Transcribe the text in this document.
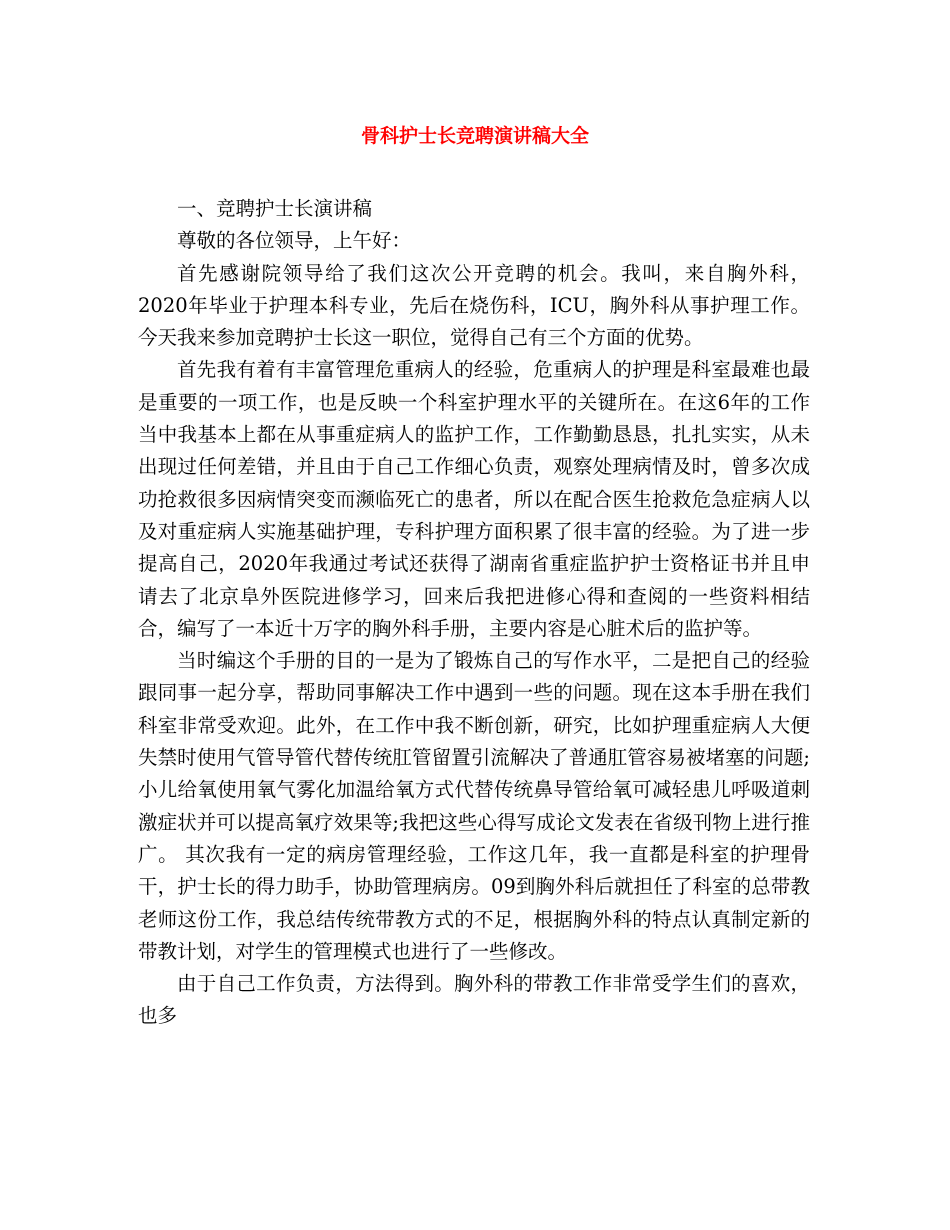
骨科护士长竞聘演讲稿大全

一、竞聘护士长演讲稿

尊敬的各位领导，上午好：

首先感谢院领导给了我们这次公开竞聘的机会。我叫，来自胸外科，2020年毕业于护理本科专业，先后在烧伤科，ICU，胸外科从事护理工作。今天我来参加竞聘护士长这一职位，觉得自己有三个方面的优势。

首先我有着有丰富管理危重病人的经验，危重病人的护理是科室最难也最是重要的一项工作，也是反映一个科室护理水平的关键所在。在这6年的工作当中我基本上都在从事重症病人的监护工作，工作勤勤恳恳，扎扎实实，从未出现过任何差错，并且由于自己工作细心负责，观察处理病情及时，曾多次成功抢救很多因病情突变而濒临死亡的患者，所以在配合医生抢救危急症病人以及对重症病人实施基础护理，专科护理方面积累了很丰富的经验。为了进一步提高自己，2020年我通过考试还获得了湖南省重症监护护士资格证书并且申请去了北京阜外医院进修学习，回来后我把进修心得和查阅的一些资料相结合，编写了一本近十万字的胸外科手册，主要内容是心脏术后的监护等。

当时编这个手册的目的一是为了锻炼自己的写作水平，二是把自己的经验跟同事一起分享，帮助同事解决工作中遇到一些的问题。现在这本手册在我们科室非常受欢迎。此外，在工作中我不断创新，研究，比如护理重症病人大便失禁时使用气管导管代替传统肛管留置引流解决了普通肛管容易被堵塞的问题;小儿给氧使用氧气雾化加温给氧方式代替传统鼻导管给氧可减轻患儿呼吸道刺激症状并可以提高氧疗效果等;我把这些心得写成论文发表在省级刊物上进行推广。 其次我有一定的病房管理经验，工作这几年，我一直都是科室的护理骨干，护士长的得力助手，协助管理病房。09到胸外科后就担任了科室的总带教老师这份工作，我总结传统带教方式的不足，根据胸外科的特点认真制定新的带教计划，对学生的管理模式也进行了一些修改。

由于自己工作负责，方法得到。胸外科的带教工作非常受学生们的喜欢，也多
